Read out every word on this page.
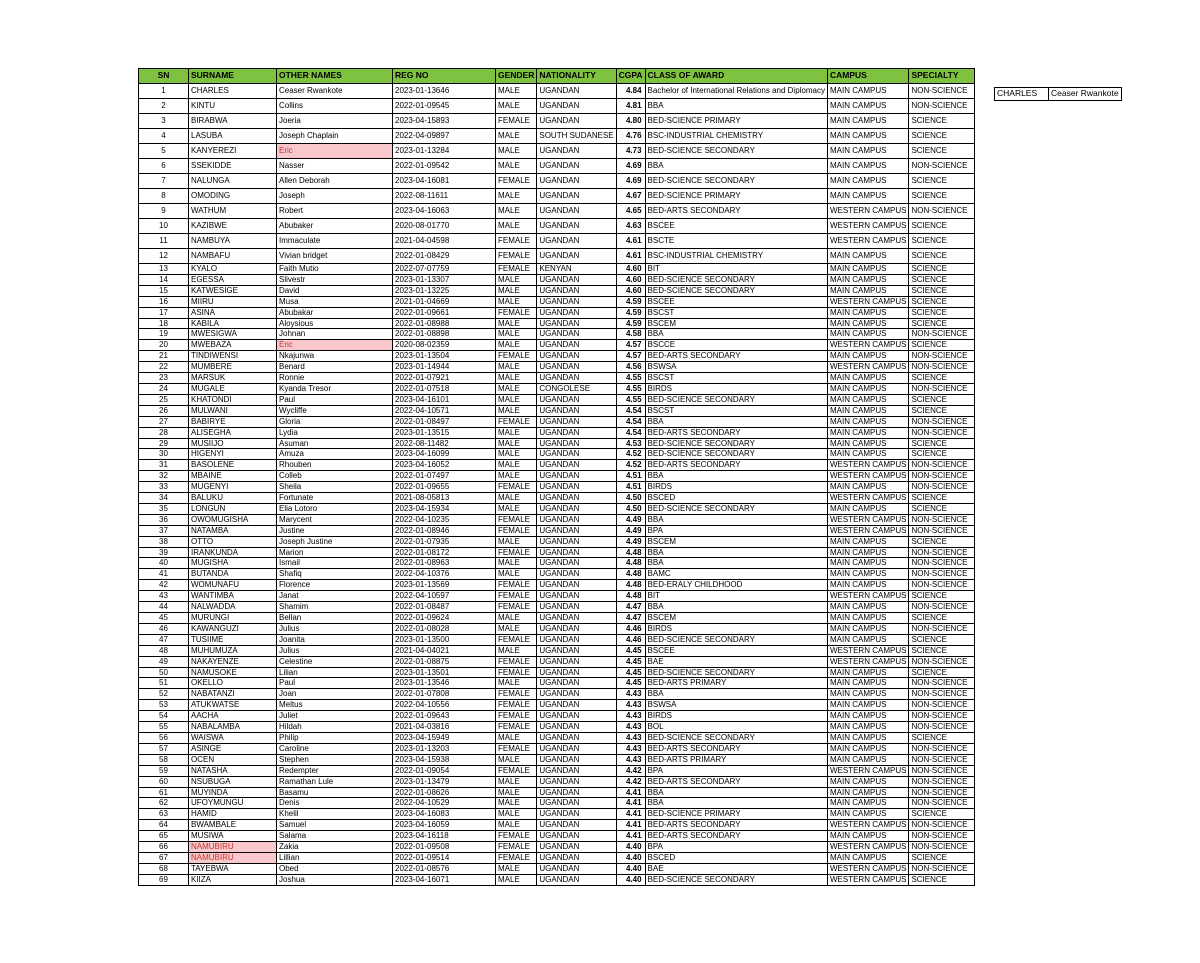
SN	SURNAME	OTHER NAMES	REG NO	GENDER	NATIONALITY	CGPA	CLASS OF AWARD	CAMPUS	SPECIALTY
1	CHARLES	Ceaser Rwankote	2023-01-13646	MALE	UGANDAN	4.84	Bachelor of International Relations and Diplomacy	MAIN CAMPUS	NON-SCIENCE
2	KINTU	Collins	2022-01-09545	MALE	UGANDAN	4.81	BBA	MAIN CAMPUS	NON-SCIENCE
3	BIRABWA	Joeria	2023-04-15893	FEMALE	UGANDAN	4.80	BED-SCIENCE PRIMARY	MAIN CAMPUS	SCIENCE
4	LASUBA	Joseph Chaplain	2022-04-09897	MALE	SOUTH SUDANESE	4.76	BSC-INDUSTRIAL CHEMISTRY	MAIN CAMPUS	SCIENCE
5	KANYEREZI	Eric	2023-01-13284	MALE	UGANDAN	4.73	BED-SCIENCE SECONDARY	MAIN CAMPUS	SCIENCE
6	SSEKIDDE	Nasser	2022-01-09542	MALE	UGANDAN	4.69	BBA	MAIN CAMPUS	NON-SCIENCE
7	NALUNGA	Allen Deborah	2023-04-16081	FEMALE	UGANDAN	4.69	BED-SCIENCE SECONDARY	MAIN CAMPUS	SCIENCE
8	OMODING	Joseph	2022-08-11611	MALE	UGANDAN	4.67	BED-SCIENCE PRIMARY	MAIN CAMPUS	SCIENCE
9	WATHUM	Robert	2023-04-16063	MALE	UGANDAN	4.65	BED-ARTS SECONDARY	WESTERN CAMPUS	NON-SCIENCE
10	KAZIBWE	Abubaker	2020-08-01770	MALE	UGANDAN	4.63	BSCEE	WESTERN CAMPUS	SCIENCE
11	NAMBUYA	Immaculate	2021-04-04598	FEMALE	UGANDAN	4.61	BSCTE	WESTERN CAMPUS	SCIENCE
12	NAMBAFU	Vivian bridget	2022-01-08429	FEMALE	UGANDAN	4.61	BSC-INDUSTRIAL CHEMISTRY	MAIN CAMPUS	SCIENCE
13	KYALO	Faith Mutio	2022-07-07759	FEMALE	KENYAN	4.60	BIT	MAIN CAMPUS	SCIENCE
14	EGESSA	Slivestr	2023-01-13307	MALE	UGANDAN	4.60	BED-SCIENCE SECONDARY	MAIN CAMPUS	SCIENCE
15	KATWESIGE	David	2023-01-13225	MALE	UGANDAN	4.60	BED-SCIENCE SECONDARY	MAIN CAMPUS	SCIENCE
16	MIIRU	Musa	2021-01-04669	MALE	UGANDAN	4.59	BSCEE	WESTERN CAMPUS	SCIENCE
17	ASINA	Abubakar	2022-01-09661	FEMALE	UGANDAN	4.59	BSCST	MAIN CAMPUS	SCIENCE
18	KABILA	Aloysious	2022-01-08988	MALE	UGANDAN	4.59	BSCEM	MAIN CAMPUS	SCIENCE
19	MWESIGWA	Johnan	2022-01-08898	MALE	UGANDAN	4.58	BBA	MAIN CAMPUS	NON-SCIENCE
20	MWEBAZA	Eric	2020-08-02359	MALE	UGANDAN	4.57	BSCCE	WESTERN CAMPUS	SCIENCE
21	TINDIWENSI	Nkajunwa	2023-01-13504	FEMALE	UGANDAN	4.57	BED-ARTS SECONDARY	MAIN CAMPUS	NON-SCIENCE
22	MUMBERE	Benard	2023-01-14944	MALE	UGANDAN	4.56	BSWSA	WESTERN CAMPUS	NON-SCIENCE
23	MARSUK	Ronnie	2022-01-07921	MALE	UGANDAN	4.55	BSCST	MAIN CAMPUS	SCIENCE
24	MUGALE	Kyanda Tresor	2022-01-07518	MALE	CONGOLESE	4.55	BIRDS	MAIN CAMPUS	NON-SCIENCE
25	KHATONDI	Paul	2023-04-16101	MALE	UGANDAN	4.55	BED-SCIENCE SECONDARY	MAIN CAMPUS	SCIENCE
26	MULWANI	Wycliffe	2022-04-10571	MALE	UGANDAN	4.54	BSCST	MAIN CAMPUS	SCIENCE
27	BABIRYE	Gloria	2022-01-08497	FEMALE	UGANDAN	4.54	BBA	MAIN CAMPUS	NON-SCIENCE
28	ALISEGHA	Lydia	2023-01-13515	MALE	UGANDAN	4.54	BED-ARTS SECONDARY	MAIN CAMPUS	NON-SCIENCE
29	MUSIIJO	Asuman	2022-08-11482	MALE	UGANDAN	4.53	BED-SCIENCE SECONDARY	MAIN CAMPUS	SCIENCE
30	HIGENYI	Amuza	2023-04-16099	MALE	UGANDAN	4.52	BED-SCIENCE SECONDARY	MAIN CAMPUS	SCIENCE
31	BASOLENE	Rhouben	2023-04-16052	MALE	UGANDAN	4.52	BED-ARTS SECONDARY	WESTERN CAMPUS	NON-SCIENCE
32	MBAINE	Colleb	2022-01-07497	MALE	UGANDAN	4.51	BBA	WESTERN CAMPUS	NON-SCIENCE
33	MUGENYI	Sheila	2022-01-09655	FEMALE	UGANDAN	4.51	BIRDS	MAIN CAMPUS	NON-SCIENCE
34	BALUKU	Fortunate	2021-08-05813	MALE	UGANDAN	4.50	BSCED	WESTERN CAMPUS	SCIENCE
35	LONGUN	Elia Lotoro	2023-04-15934	MALE	UGANDAN	4.50	BED-SCIENCE SECONDARY	MAIN CAMPUS	SCIENCE
36	OWOMUGISHA	Marycent	2022-04-10235	FEMALE	UGANDAN	4.49	BBA	WESTERN CAMPUS	NON-SCIENCE
37	NATAMBA	Justine	2022-01-08946	FEMALE	UGANDAN	4.49	BPA	WESTERN CAMPUS	NON-SCIENCE
38	OTTO	Joseph Justine	2022-01-07935	MALE	UGANDAN	4.49	BSCEM	MAIN CAMPUS	SCIENCE
39	IRANKUNDA	Marion	2022-01-08172	FEMALE	UGANDAN	4.48	BBA	MAIN CAMPUS	NON-SCIENCE
40	MUGISHA	Ismail	2022-01-08963	MALE	UGANDAN	4.48	BBA	MAIN CAMPUS	NON-SCIENCE
41	BUTANDA	Shafiq	2022-04-10376	MALE	UGANDAN	4.48	BAMC	MAIN CAMPUS	NON-SCIENCE
42	WOMUNAFU	Florence	2023-01-13569	FEMALE	UGANDAN	4.48	BED-ERALY CHILDHOOD	MAIN CAMPUS	NON-SCIENCE
43	WANTIMBA	Janat	2022-04-10597	FEMALE	UGANDAN	4.48	BIT	WESTERN CAMPUS	SCIENCE
44	NALWADDA	Shamim	2022-01-08487	FEMALE	UGANDAN	4.47	BBA	MAIN CAMPUS	NON-SCIENCE
45	MURUNGI	Bellan	2022-01-09624	MALE	UGANDAN	4.47	BSCEM	MAIN CAMPUS	SCIENCE
46	KAWANGUZI	Julius	2022-01-08028	MALE	UGANDAN	4.46	BIRDS	MAIN CAMPUS	NON-SCIENCE
47	TUSIIME	Joanita	2023-01-13500	FEMALE	UGANDAN	4.46	BED-SCIENCE SECONDARY	MAIN CAMPUS	SCIENCE
48	MUHUMUZA	Julius	2021-04-04021	MALE	UGANDAN	4.45	BSCEE	WESTERN CAMPUS	SCIENCE
49	NAKAYENZE	Celestine	2022-01-08875	FEMALE	UGANDAN	4.45	BAE	WESTERN CAMPUS	NON-SCIENCE
50	NAMUSOKE	Lilian	2023-01-13501	FEMALE	UGANDAN	4.45	BED-SCIENCE SECONDARY	MAIN CAMPUS	SCIENCE
51	OKELLO	Paul	2023-01-13546	MALE	UGANDAN	4.45	BED-ARTS PRIMARY	MAIN CAMPUS	NON-SCIENCE
52	NABATANZI	Joan	2022-01-07808	FEMALE	UGANDAN	4.43	BBA	MAIN CAMPUS	NON-SCIENCE
53	ATUKWATSE	Meltus	2022-04-10556	FEMALE	UGANDAN	4.43	BSWSA	MAIN CAMPUS	NON-SCIENCE
54	AACHA	Juliet	2022-01-09643	FEMALE	UGANDAN	4.43	BIRDS	MAIN CAMPUS	NON-SCIENCE
55	NABALAMBA	Hildah	2021-04-03816	FEMALE	UGANDAN	4.43	BOL	MAIN CAMPUS	NON-SCIENCE
56	WAISWA	Philip	2023-04-15949	MALE	UGANDAN	4.43	BED-SCIENCE SECONDARY	MAIN CAMPUS	SCIENCE
57	ASINGE	Caroline	2023-01-13203	FEMALE	UGANDAN	4.43	BED-ARTS SECONDARY	MAIN CAMPUS	NON-SCIENCE
58	OCEN	Stephen	2023-04-15938	MALE	UGANDAN	4.43	BED-ARTS PRIMARY	MAIN CAMPUS	NON-SCIENCE
59	NATASHA	Redempter	2022-01-09054	FEMALE	UGANDAN	4.42	BPA	WESTERN CAMPUS	NON-SCIENCE
60	NSUBUGA	Ramathan Lule	2023-01-13479	MALE	UGANDAN	4.42	BED-ARTS SECONDARY	MAIN CAMPUS	NON-SCIENCE
61	MUYINDA	Basamu	2022-01-08626	MALE	UGANDAN	4.41	BBA	MAIN CAMPUS	NON-SCIENCE
62	UFOYMUNGU	Denis	2022-04-10529	MALE	UGANDAN	4.41	BBA	MAIN CAMPUS	NON-SCIENCE
63	HAMID	Khelil	2023-04-16083	MALE	UGANDAN	4.41	BED-SCIENCE PRIMARY	MAIN CAMPUS	SCIENCE
64	BWAMBALE	Samuel	2023-04-16059	MALE	UGANDAN	4.41	BED-ARTS SECONDARY	WESTERN CAMPUS	NON-SCIENCE
65	MUSIWA	Salama	2023-04-16118	FEMALE	UGANDAN	4.41	BED-ARTS SECONDARY	MAIN CAMPUS	NON-SCIENCE
66	NAMUBIRU	Zakia	2022-01-09508	FEMALE	UGANDAN	4.40	BPA	WESTERN CAMPUS	NON-SCIENCE
67	NAMUBIRU	Lillian	2022-01-09514	FEMALE	UGANDAN	4.40	BSCED	MAIN CAMPUS	SCIENCE
68	TAYEBWA	Obed	2022-01-08576	MALE	UGANDAN	4.40	BAE	WESTERN CAMPUS	NON-SCIENCE
69	KIIZA	Joshua	2023-04-16071	MALE	UGANDAN	4.40	BED-SCIENCE SECONDARY	WESTERN CAMPUS	SCIENCE
CHARLES	Ceaser Rwankote
